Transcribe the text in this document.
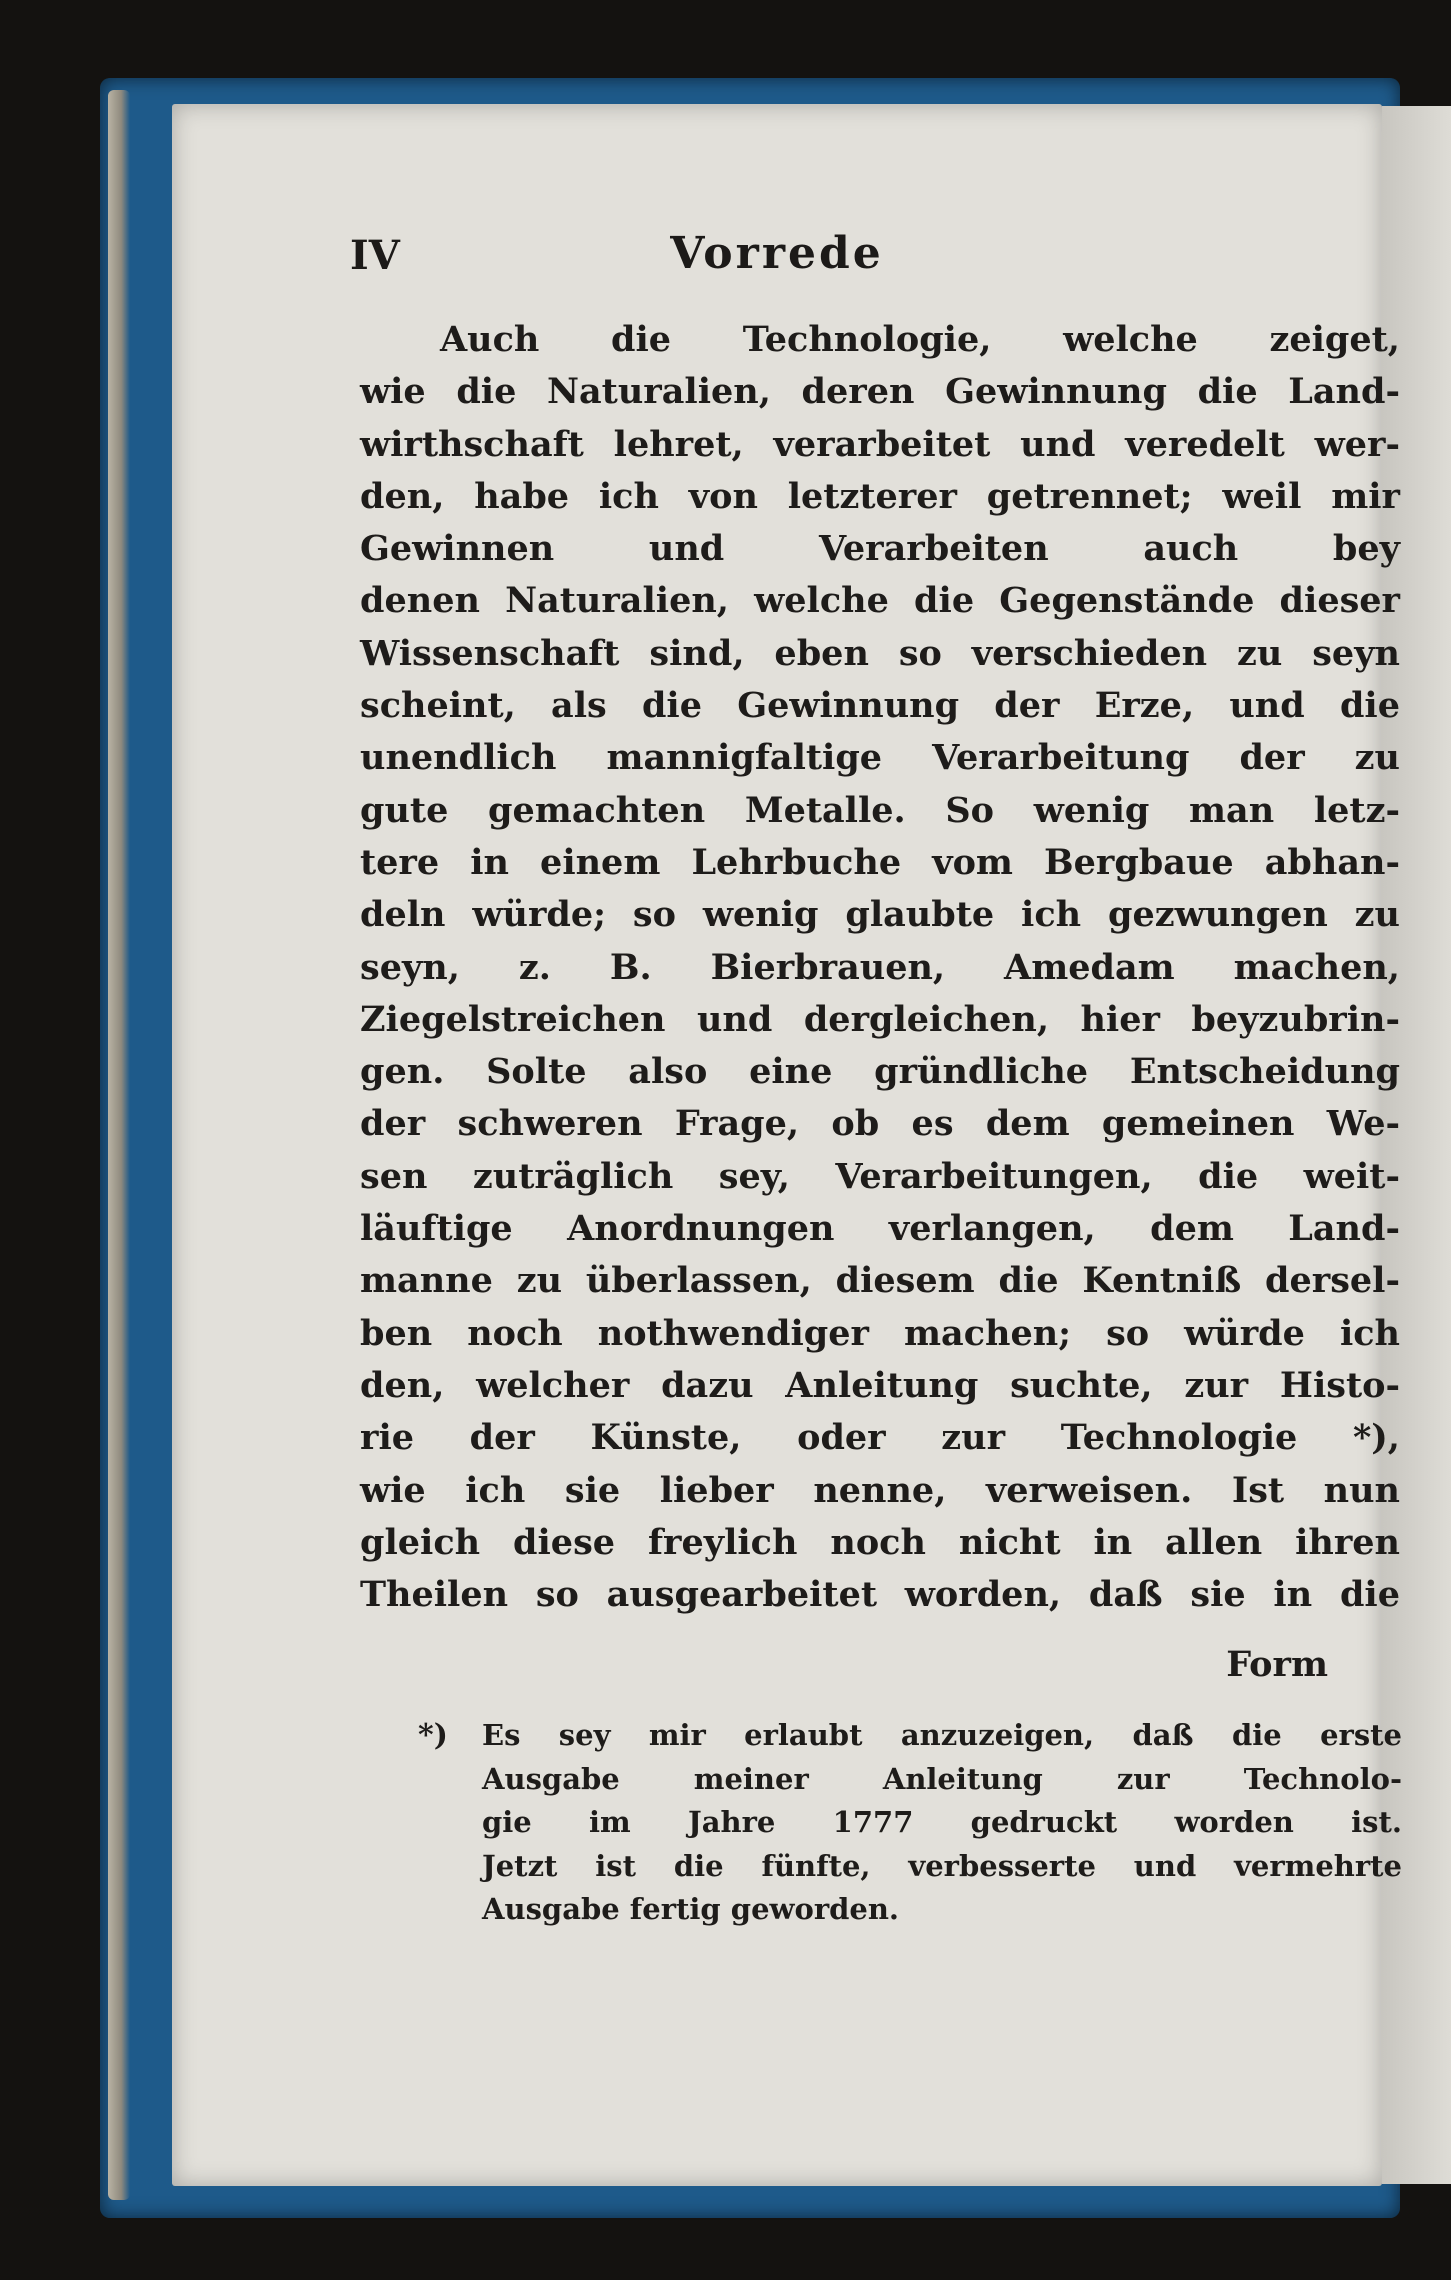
IV	Vorrede
Auch die Technologie, welche zeiget,
wie die Naturalien, deren Gewinnung die Land-
wirthschaft lehret, verarbeitet und veredelt wer-
den, habe ich von letzterer getrennet; weil mir
Gewinnen und Verarbeiten auch bey
denen Naturalien, welche die Gegenstände dieser
Wissenschaft sind, eben so verschieden zu seyn
scheint, als die Gewinnung der Erze, und die
unendlich mannigfaltige Verarbeitung der zu
gute gemachten Metalle. So wenig man letz-
tere in einem Lehrbuche vom Bergbaue abhan-
deln würde; so wenig glaubte ich gezwungen zu
seyn, z. B. Bierbrauen, Amedam machen,
Ziegelstreichen und dergleichen, hier beyzubrin-
gen. Solte also eine gründliche Entscheidung
der schweren Frage, ob es dem gemeinen We-
sen zuträglich sey, Verarbeitungen, die weit-
läuftige Anordnungen verlangen, dem Land-
manne zu überlassen, diesem die Kentniß dersel-
ben noch nothwendiger machen; so würde ich
den, welcher dazu Anleitung suchte, zur Histo-
rie der Künste, oder zur Technologie *),
wie ich sie lieber nenne, verweisen. Ist nun
gleich diese freylich noch nicht in allen ihren
Theilen so ausgearbeitet worden, daß sie in die
Form
*) Es sey mir erlaubt anzuzeigen, daß die erste
Ausgabe meiner Anleitung zur Technolo-
gie im Jahre 1777 gedruckt worden ist.
Jetzt ist die fünfte, verbesserte und vermehrte
Ausgabe fertig geworden.
